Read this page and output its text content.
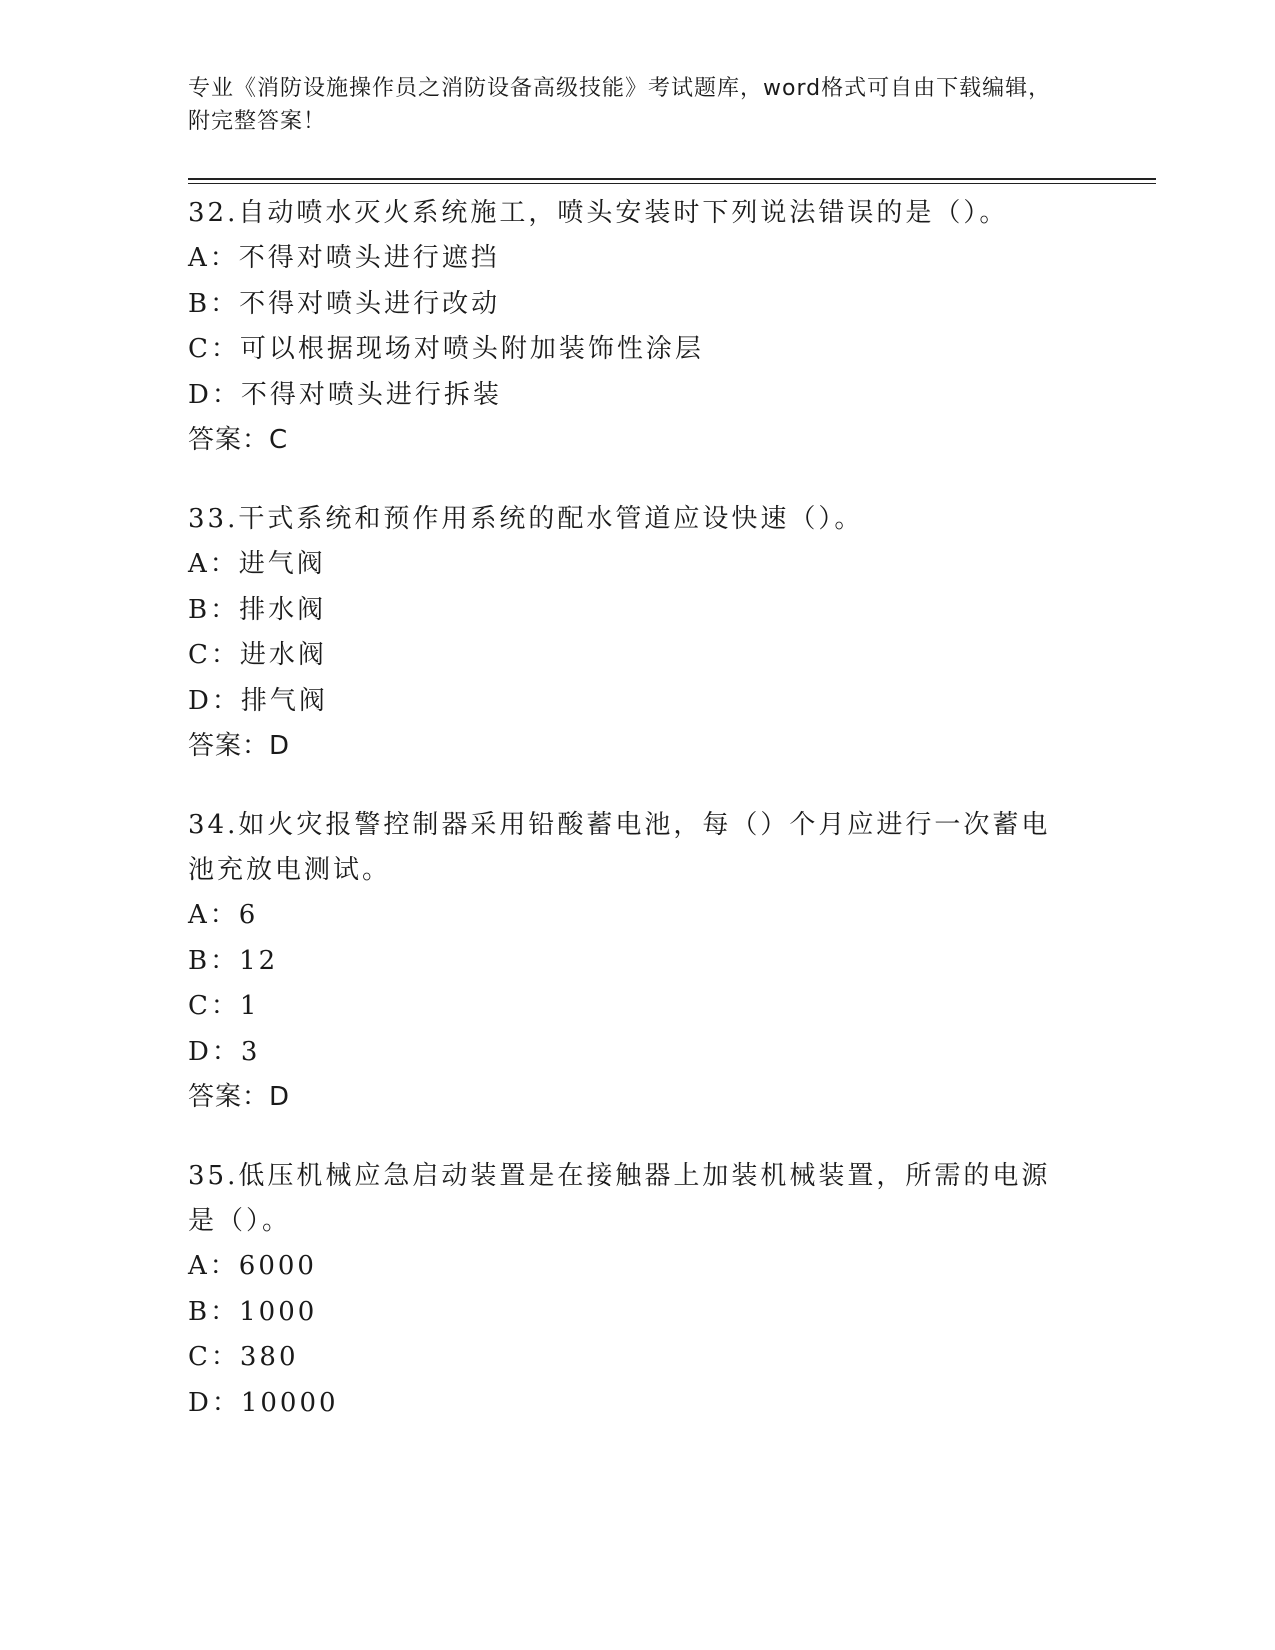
专业《消防设施操作员之消防设备高级技能》考试题库，word格式可自由下载编辑，附完整答案！
32.自动喷水灭火系统施工，喷头安装时下列说法错误的是（）。
A：不得对喷头进行遮挡
B：不得对喷头进行改动
C：可以根据现场对喷头附加装饰性涂层
D：不得对喷头进行拆装
答案：C
33.干式系统和预作用系统的配水管道应设快速（）。
A：进气阀
B：排水阀
C：进水阀
D：排气阀
答案：D
34.如火灾报警控制器采用铅酸蓄电池，每（）个月应进行一次蓄电池充放电测试。
A：6
B：12
C：1
D：3
答案：D
35.低压机械应急启动装置是在接触器上加装机械装置，所需的电源是（）。
A：6000
B：1000
C：380
D：10000
